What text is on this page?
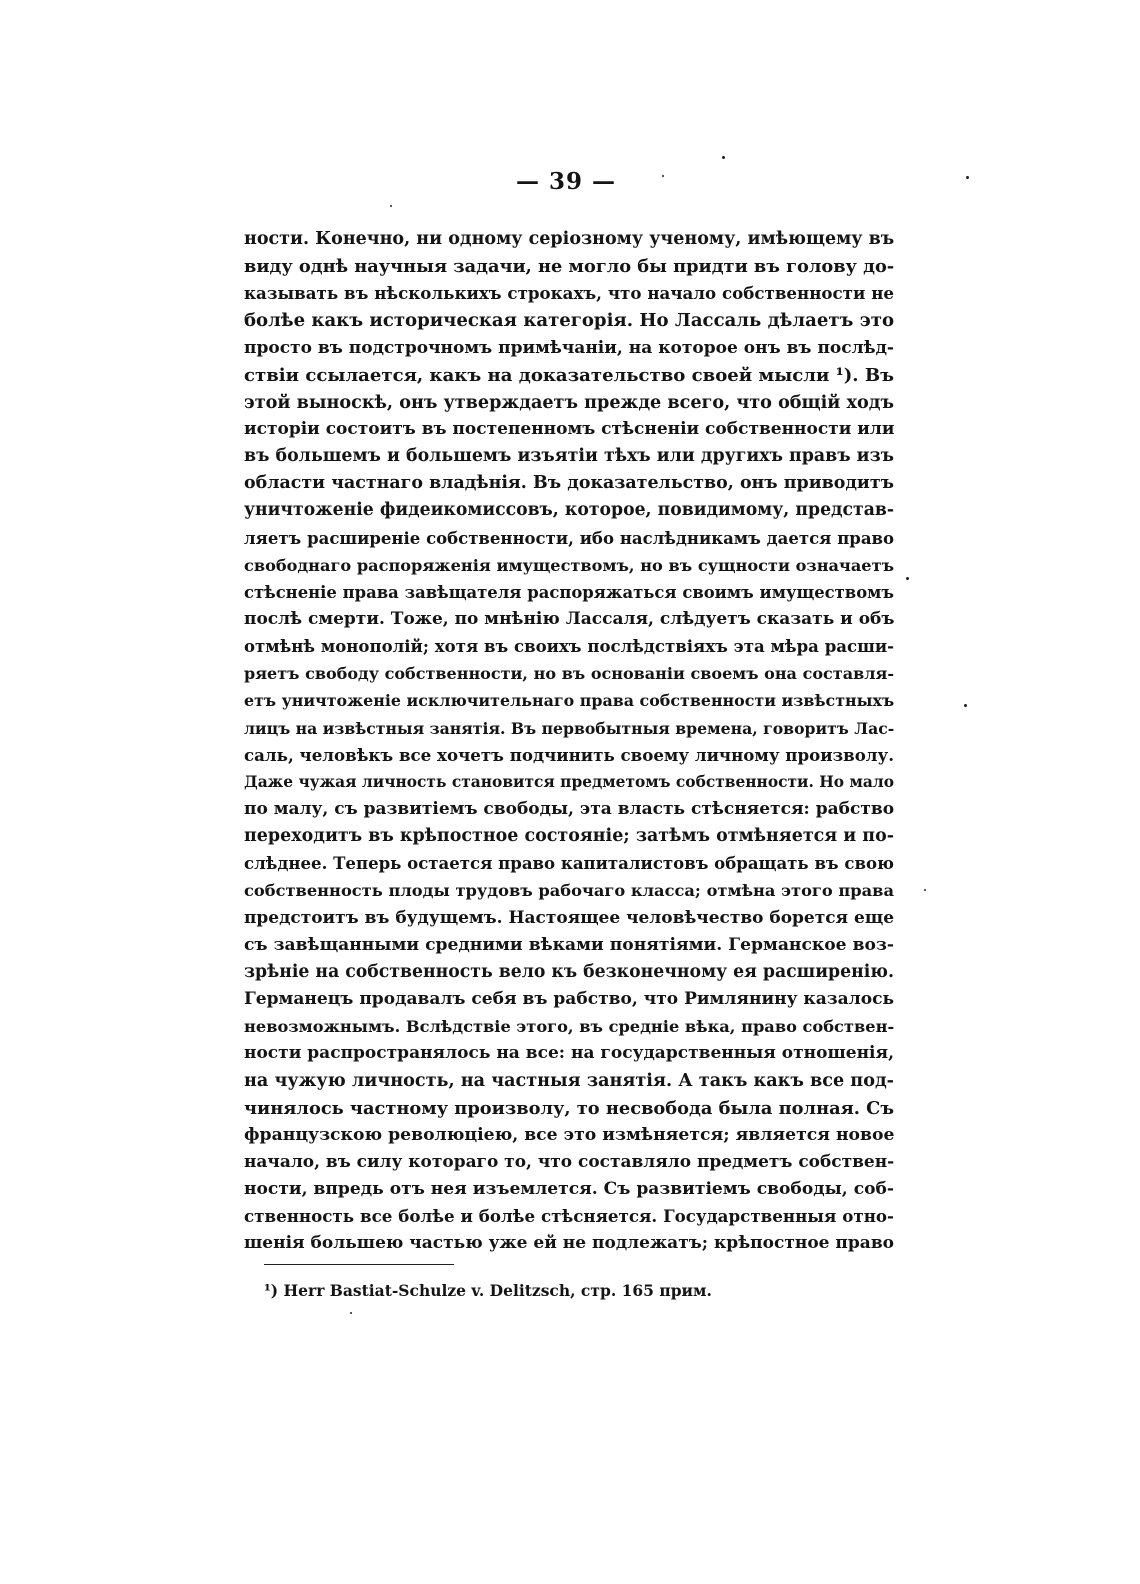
— 39 —
ности. Конечно, ни одному серіозному ученому, имѣющему въ
виду однѣ научныя задачи, не могло бы придти въ голову до-
казывать въ нѣсколькихъ строкахъ, что начало собственности не
болѣе какъ историческая категорія. Но Лассаль дѣлаетъ это
просто въ подстрочномъ примѣчаніи, на которое онъ въ послѣд-
ствіи ссылается, какъ на доказательство своей мысли ¹). Въ
этой выноскѣ, онъ утверждаетъ прежде всего, что общій ходъ
исторіи состоитъ въ постепенномъ стѣсненіи собственности или
въ большемъ и большемъ изъятіи тѣхъ или другихъ правъ изъ
области частнаго владѣнія. Въ доказательство, онъ приводитъ
уничтоженіе фидеикомиссовъ, которое, повидимому, представ-
ляетъ расширеніе собственности, ибо наслѣдникамъ дается право
свободнаго распоряженія имуществомъ, но въ сущности означаетъ
стѣсненіе права завѣщателя распоряжаться своимъ имуществомъ
послѣ смерти. Тоже, по мнѣнію Лассаля, слѣдуетъ сказать и объ
отмѣнѣ монополій; хотя въ своихъ послѣдствіяхъ эта мѣра расши-
ряетъ свободу собственности, но въ основаніи своемъ она составля-
етъ уничтоженіе исключительнаго права собственности извѣстныхъ
лицъ на извѣстныя занятія. Въ первобытныя времена, говоритъ Лас-
саль, человѣкъ все хочетъ подчинить своему личному произволу.
Даже чужая личность становится предметомъ собственности. Но мало
по малу, съ развитіемъ свободы, эта власть стѣсняется: рабство
переходитъ въ крѣпостное состояніе; затѣмъ отмѣняется и по-
слѣднее. Теперь остается право капиталистовъ обращать въ свою
собственность плоды трудовъ рабочаго класса; отмѣна этого права
предстоитъ въ будущемъ. Настоящее человѣчество борется еще
съ завѣщанными средними вѣками понятіями. Германское воз-
зрѣніе на собственность вело къ безконечному ея расширенію.
Германецъ продавалъ себя въ рабство, что Римлянину казалось
невозможнымъ. Вслѣдствіе этого, въ средніе вѣка, право собствен-
ности распространялось на все: на государственныя отношенія,
на чужую личность, на частныя занятія. А такъ какъ все под-
чинялось частному произволу, то несвобода была полная. Съ
французскою революціею, все это измѣняется; является новое
начало, въ силу котораго то, что составляло предметъ собствен-
ности, впредь отъ нея изъемлется. Съ развитіемъ свободы, соб-
ственность все болѣе и болѣе стѣсняется. Государственныя отно-
шенія большею частью уже ей не подлежатъ; крѣпостное право
¹) Herr Bastiat-Schulze v. Delitzsch, стр. 165 прим.
